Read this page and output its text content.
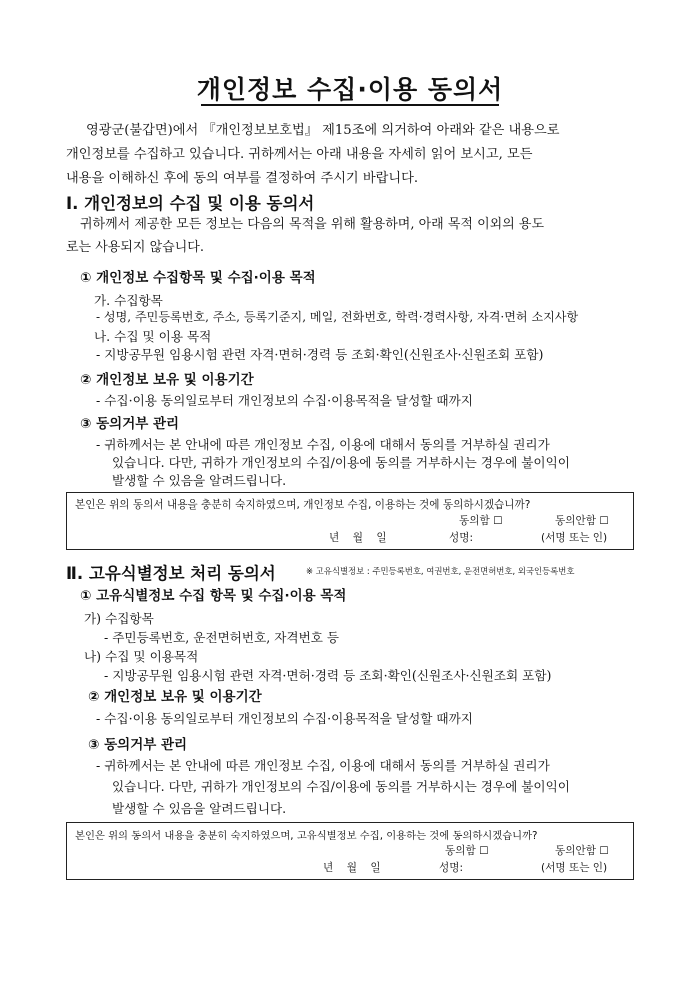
개인정보 수집·이용 동의서

영광군(불갑면)에서 『개인정보보호법』 제15조에 의거하여 아래와 같은 내용으로

개인정보를 수집하고 있습니다. 귀하께서는 아래 내용을 자세히 읽어 보시고, 모든

내용을 이해하신 후에 동의 여부를 결정하여 주시기 바랍니다.

Ⅰ. 개인정보의 수집 및 이용 동의서

귀하께서 제공한 모든 정보는 다음의 목적을 위해 활용하며, 아래 목적 이외의 용도

로는 사용되지 않습니다.

① 개인정보 수집항목 및 수집·이용 목적
가. 수집항목
- 성명, 주민등록번호, 주소, 등록기준지, 메일, 전화번호, 학력·경력사항, 자격·면허 소지사항
나. 수집 및 이용 목적
- 지방공무원 임용시험 관련 자격·면허·경력 등 조회·확인(신원조사·신원조회 포함)
② 개인정보 보유 및 이용기간
- 수집·이용 동의일로부터 개인정보의 수집·이용목적을 달성할 때까지
③ 동의거부 관리
- 귀하께서는 본 안내에 따른 개인정보 수집, 이용에 대해서 동의를 거부하실 권리가
있습니다. 다만, 귀하가 개인정보의 수집/이용에 동의를 거부하시는 경우에 불이익이
발생할 수 있음을 알려드립니다.
본인은 위의 동의서 내용을 충분히 숙지하였으며, 개인정보 수집, 이용하는 것에 동의하시겠습니까?
동의함 ☐	동의안함 ☐
년    월    일	성명:	(서명 또는 인)
Ⅱ. 고유식별정보 처리 동의서	※ 고유식별정보 : 주민등록번호, 여권번호, 운전면허번호, 외국인등록번호
① 고유식별정보 수집 항목 및 수집·이용 목적
가) 수집항목
- 주민등록번호, 운전면허번호, 자격번호 등
나) 수집 및 이용목적
- 지방공무원 임용시험 관련 자격·면허·경력 등 조회·확인(신원조사·신원조회 포함)
② 개인정보 보유 및 이용기간
- 수집·이용 동의일로부터 개인정보의 수집·이용목적을 달성할 때까지
③ 동의거부 관리
- 귀하께서는 본 안내에 따른 개인정보 수집, 이용에 대해서 동의를 거부하실 권리가
있습니다. 다만, 귀하가 개인정보의 수집/이용에 동의를 거부하시는 경우에 불이익이
발생할 수 있음을 알려드립니다.
본인은 위의 동의서 내용을 충분히 숙지하였으며, 고유식별정보 수집, 이용하는 것에 동의하시겠습니까?
동의함 ☐	동의안함 ☐
년    월    일	성명:	(서명 또는 인)
